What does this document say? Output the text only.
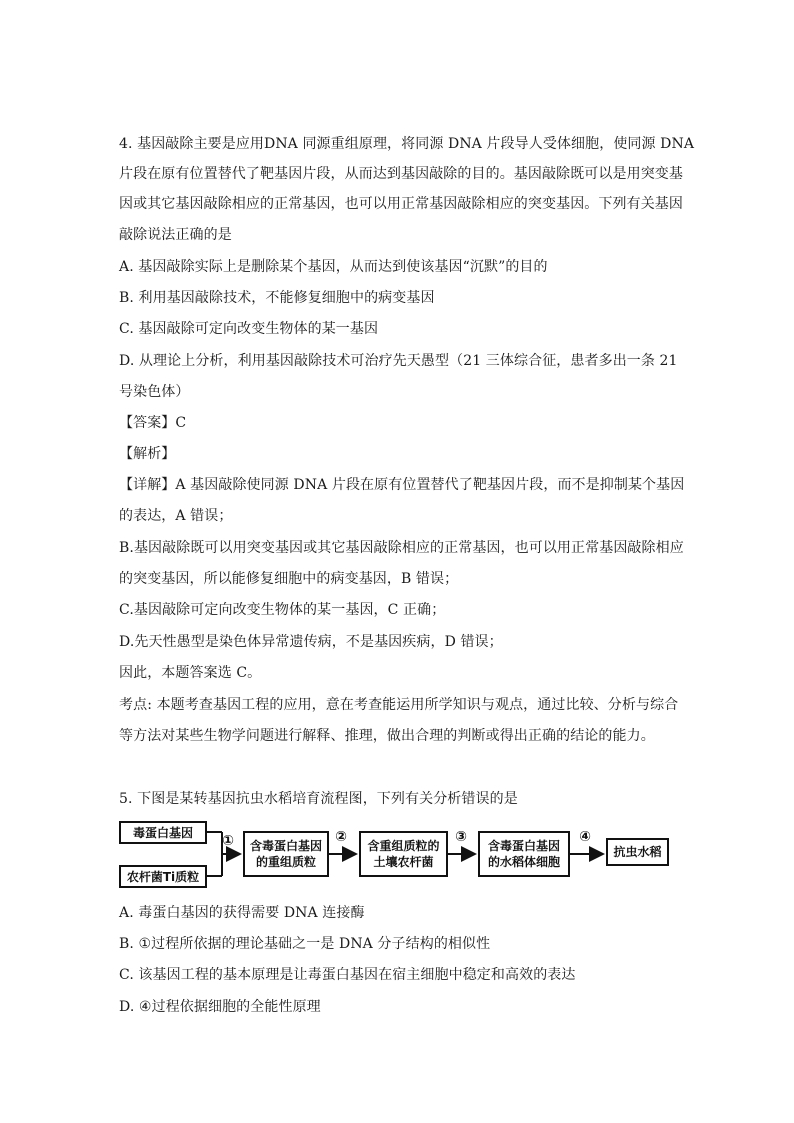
4. 基因敲除主要是应用DNA 同源重组原理，将同源 DNA 片段导人受体细胞，使同源 DNA
片段在原有位置替代了靶基因片段，从而达到基因敲除的目的。基因敲除既可以是用突变基
因或其它基因敲除相应的正常基因，也可以用正常基因敲除相应的突变基因。下列有关基因
敲除说法正确的是
A. 基因敲除实际上是删除某个基因，从而达到使该基因“沉默”的目的
B. 利用基因敲除技术，不能修复细胞中的病变基因
C. 基因敲除可定向改变生物体的某一基因
D. 从理论上分析，利用基因敲除技术可治疗先天愚型（21 三体综合征，患者多出一条 21
号染色体）
【答案】C
【解析】
【详解】A 基因敲除使同源 DNA 片段在原有位置替代了靶基因片段，而不是抑制某个基因
的表达，A 错误；
B.基因敲除既可以用突变基因或其它基因敲除相应的正常基因，也可以用正常基因敲除相应
的突变基因，所以能修复细胞中的病变基因，B 错误；
C.基因敲除可定向改变生物体的某一基因，C 正确；
D.先天性愚型是染色体异常遗传病，不是基因疾病，D 错误；
因此，本题答案选 C。
考点: 本题考查基因工程的应用，意在考查能运用所学知识与观点，通过比较、分析与综合
等方法对某些生物学问题进行解释、推理，做出合理的判断或得出正确的结论的能力。
5. 下图是某转基因抗虫水稻培育流程图，下列有关分析错误的是
毒蛋白基因
农杆菌Ti质粒
①	含毒蛋白基因
的重组质粒
②
含重组质粒的
土壤农杆菌
③
含毒蛋白基因
的水稻体细胞
④
抗虫水稻
A. 毒蛋白基因的获得需要 DNA 连接酶
B. ①过程所依据的理论基础之一是 DNA 分子结构的相似性
C. 该基因工程的基本原理是让毒蛋白基因在宿主细胞中稳定和高效的表达
D. ④过程依据细胞的全能性原理
